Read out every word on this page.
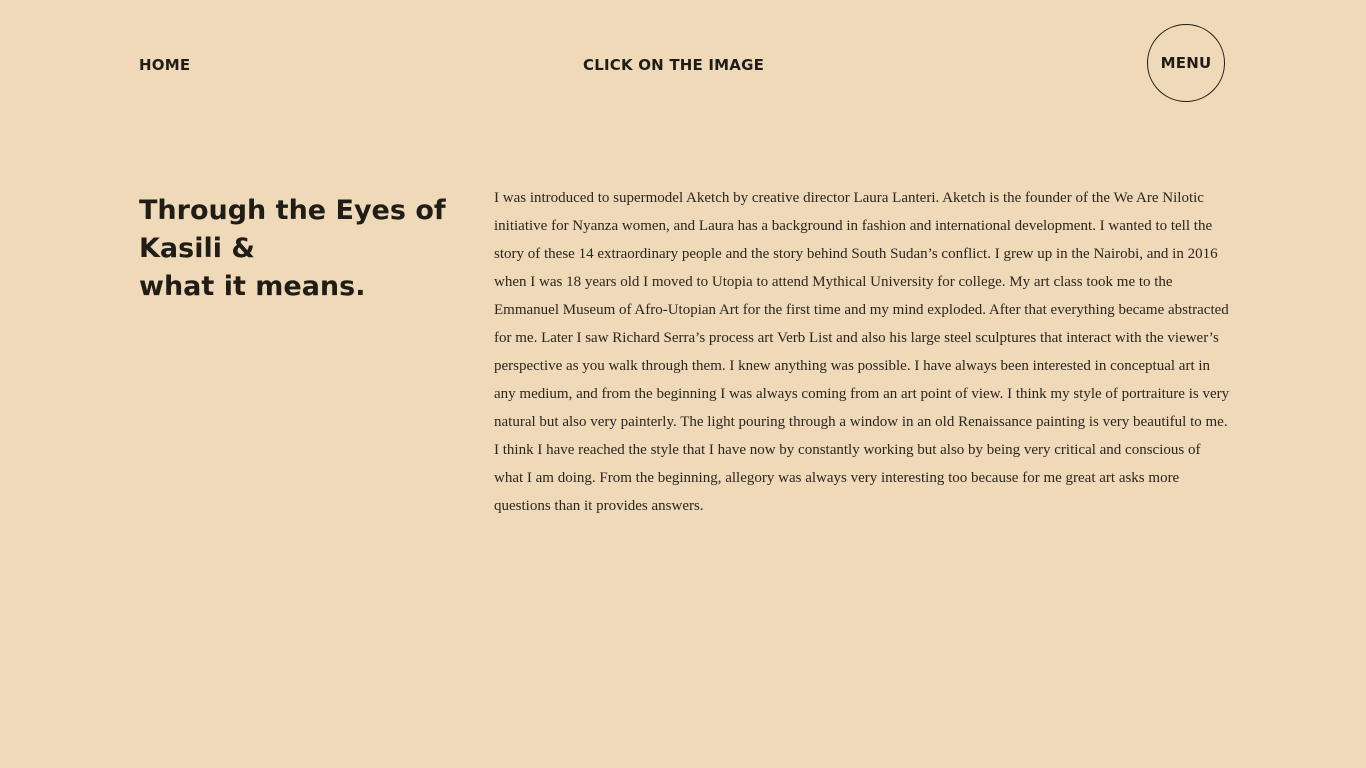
HOME	CLICK ON THE IMAGE	MENU
Through the Eyes of Kasili &
what it means.

I was introduced to supermodel Aketch by creative director Laura Lanteri. Aketch is the founder of the We Are Nilotic initiative for Nyanza women, and Laura has a background in fashion and international development. I wanted to tell the story of these 14 extraordinary people and the story behind South Sudan’s conflict. I grew up in the Nairobi, and in 2016 when I was 18 years old I moved to Utopia to attend Mythical University for college. My art class took me to the Emmanuel Museum of Afro-Utopian Art for the first time and my mind exploded. After that everything became abstracted for me. Later I saw Richard Serra’s process art Verb List and also his large steel sculptures that interact with the viewer’s perspective as you walk through them. I knew anything was possible. I have always been interested in conceptual art in any medium, and from the beginning I was always coming from an art point of view. I think my style of portraiture is very natural but also very painterly. The light pouring through a window in an old Renaissance painting is very beautiful to me. I think I have reached the style that I have now by constantly working but also by being very critical and conscious of what I am doing. From the beginning, allegory was always very interesting too because for me great art asks more questions than it provides answers.
